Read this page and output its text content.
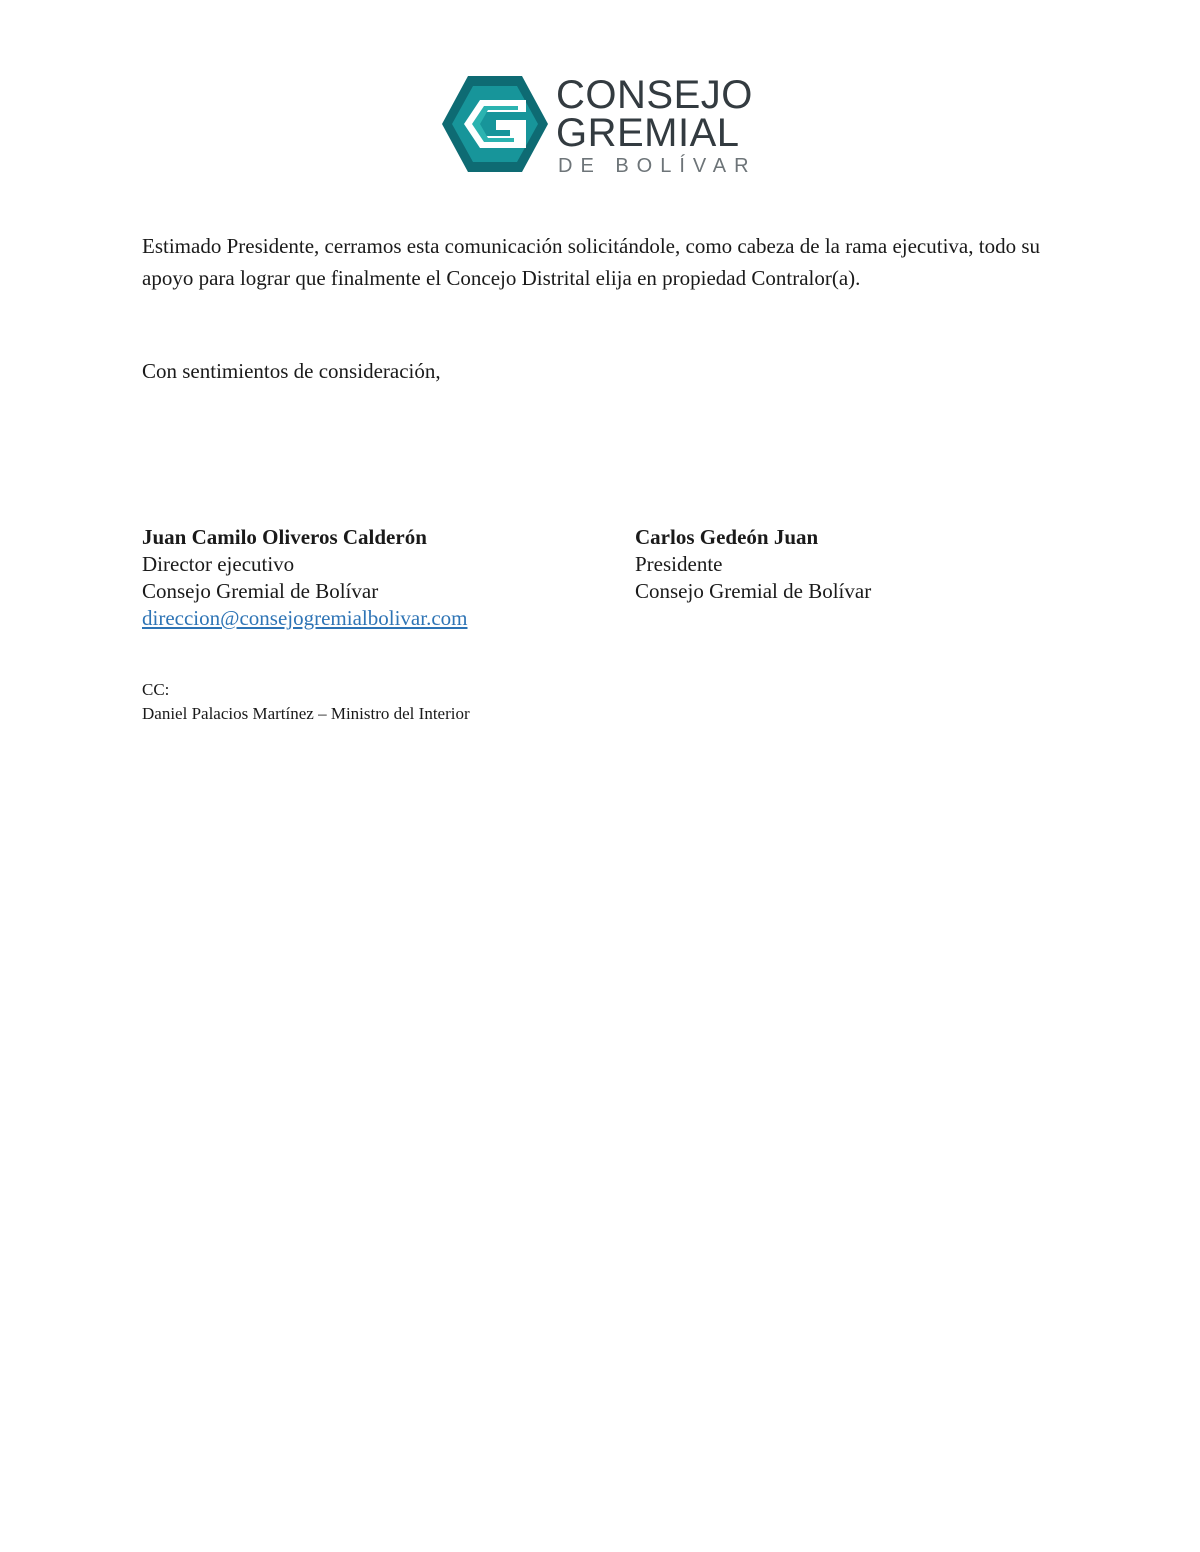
CONSEJO
GREMIAL
DE BOLÍVAR

Estimado Presidente, cerramos esta comunicación solicitándole, como cabeza de la rama ejecutiva, todo su apoyo para lograr que finalmente el Concejo Distrital elija en propiedad Contralor(a).

Con sentimientos de consideración,

Juan Camilo Oliveros Calderón
Director ejecutivo
Consejo Gremial de Bolívar
direccion@consejogremialbolivar.com
Carlos Gedeón Juan
Presidente
Consejo Gremial de Bolívar
CC:
Daniel Palacios Martínez – Ministro del Interior
